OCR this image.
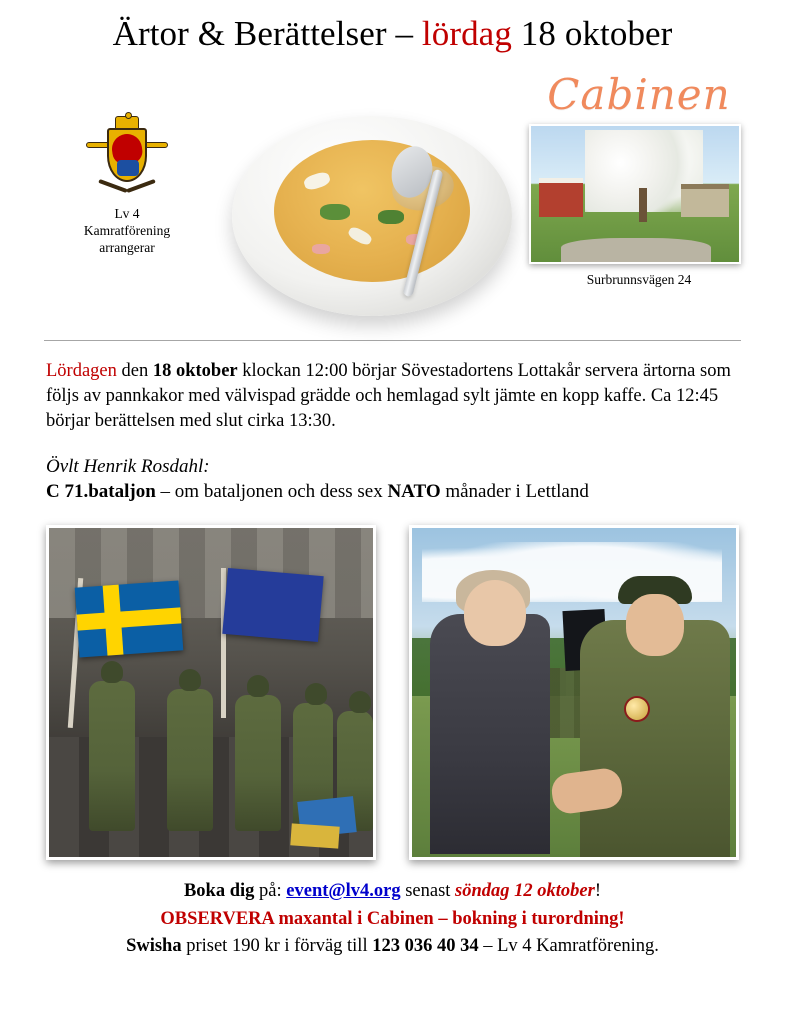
Ärtor & Berättelser – lördag 18 oktober
Lv 4
Kamratförening
arrangerar
Cabinen
Surbrunnsvägen 24

Lördagen den 18 oktober klockan 12:00 börjar Sövestadortens Lottakår servera ärtorna som följs av pannkakor med välvispad grädde och hemlagad sylt jämte en kopp kaffe. Ca 12:45 börjar berättelsen med slut cirka 13:30.

Övlt Henrik Rosdahl:
C 71.bataljon – om bataljonen och dess sex NATO månader i Lettland
Boka dig på: event@lv4.org senast söndag 12 oktober!
OBSERVERA maxantal i Cabinen – bokning i turordning!
Swisha priset 190 kr i förväg till 123 036 40 34 – Lv 4 Kamratförening.
